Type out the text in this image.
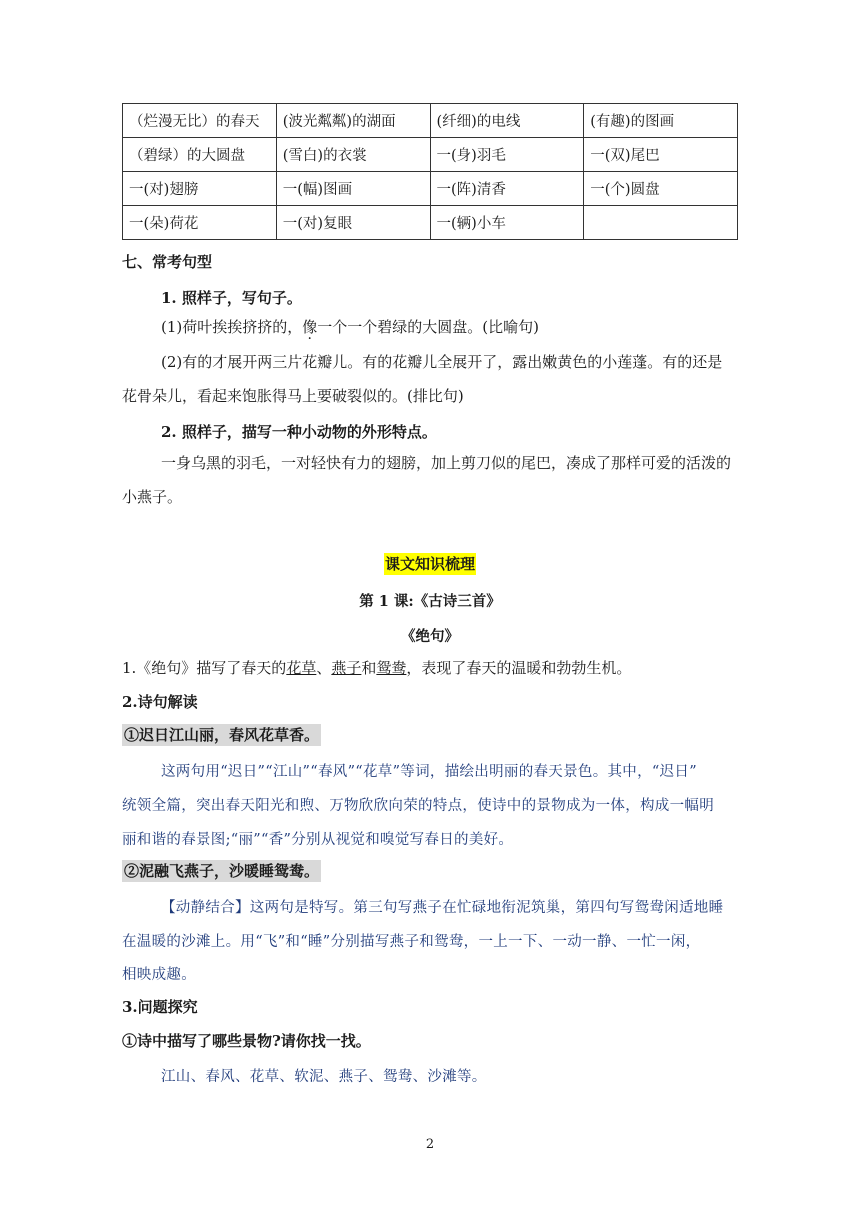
（烂漫无比）的春天	(波光粼粼)的湖面	(纤细)的电线	(有趣)的图画
（碧绿）的大圆盘	(雪白)的衣裳	一(身)羽毛	一(双)尾巴
一(对)翅膀	一(幅)图画	一(阵)清香	一(个)圆盘
一(朵)荷花	一(对)复眼	一(辆)小车	
七、常考句型
1. 照样子，写句子。
(1)荷叶挨挨挤挤的，像一个一个碧绿的大圆盘。(比喻句)
(2)有的才展开两三片花瓣儿。有的花瓣儿全展开了，露出嫩黄色的小莲蓬。有的还是
花骨朵儿，看起来饱胀得马上要破裂似的。(排比句)
2. 照样子，描写一种小动物的外形特点。
一身乌黑的羽毛，一对轻快有力的翅膀，加上剪刀似的尾巴，凑成了那样可爱的活泼的
小燕子。
课文知识梳理
第 1 课:《古诗三首》
《绝句》
1.《绝句》描写了春天的花草、燕子和鸳鸯，表现了春天的温暖和勃勃生机。
2.诗句解读
①迟日江山丽，春风花草香。
这两句用“迟日”“江山”“春风”“花草”等词，描绘出明丽的春天景色。其中，“迟日”
统领全篇，突出春天阳光和煦、万物欣欣向荣的特点，使诗中的景物成为一体，构成一幅明
丽和谐的春景图;“丽”“香”分别从视觉和嗅觉写春日的美好。
②泥融飞燕子，沙暖睡鸳鸯。
【动静结合】这两句是特写。第三句写燕子在忙碌地衔泥筑巢，第四句写鸳鸯闲适地睡
在温暖的沙滩上。用“飞”和“睡”分别描写燕子和鸳鸯，一上一下、一动一静、一忙一闲，
相映成趣。
3.问题探究
①诗中描写了哪些景物?请你找一找。
江山、春风、花草、软泥、燕子、鸳鸯、沙滩等。
2
